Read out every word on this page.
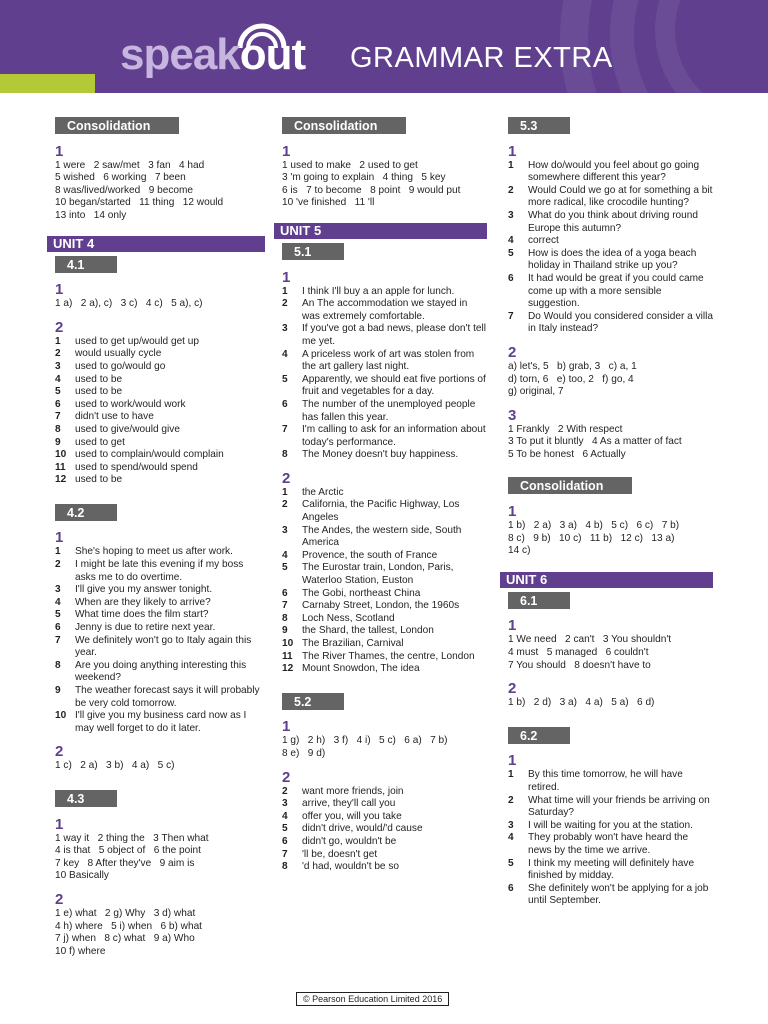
speakout GRAMMAR EXTRA
Consolidation
1
1 were   2 saw/met   3 fan   4 had
5 wished   6 working   7 been
8 was/lived/worked   9 become
10 began/started   11 thing   12 would
13 into   14 only
UNIT 4
4.1
1
1 a)   2 a), c)   3 c)   4 c)   5 a), c)
2
1	used to get up/would get up
2	would usually cycle
3	used to go/would go
4	used to be
5	used to be
6	used to work/would work
7	didn't use to have
8	used to give/would give
9	used to get
10 used to complain/would complain
11 used to spend/would spend
12 used to be
4.2
1
1	She's hoping to meet us after work.
2	I might be late this evening if my boss asks me to do overtime.
3	I'll give you my answer tonight.
4	When are they likely to arrive?
5	What time does the film start?
6	Jenny is due to retire next year.
7	We definitely won't go to Italy again this year.
8	Are you doing anything interesting this weekend?
9	The weather forecast says it will probably be very cold tomorrow.
10 I'll give you my business card now as I may well forget to do it later.
2
1 c)   2 a)   3 b)   4 a)   5 c)
4.3
1
1 way it   2 thing the   3 Then what
4 is that   5 object of   6 the point
7 key   8 After they've   9 aim is
10 Basically
2
1 e) what   2 g) Why   3 d) what
4 h) where   5 i) when   6 b) what
7 j) when   8 c) what   9 a) Who
10 f) where
Consolidation
1
1 used to make   2 used to get
3 'm going to explain   4 thing   5 key
6 is   7 to become   8 point   9 would put
10 've finished   11 'll
UNIT 5
5.1
1
1	I think I'll buy a an apple for lunch.
2	An The accommodation we stayed in was extremely comfortable.
3	If you've got a bad news, please don't tell me yet.
4	A priceless work of art was stolen from the art gallery last night.
5	Apparently, we should eat five portions of fruit and vegetables for a day.
6	The number of the unemployed people has fallen this year.
7	I'm calling to ask for an information about today's performance.
8	The Money doesn't buy happiness.
2
1	the Arctic
2	California, the Pacific Highway, Los Angeles
3	The Andes, the western side, South America
4	Provence, the south of France
5	The Eurostar train, London, Paris, Waterloo Station, Euston
6	The Gobi, northeast China
7	Carnaby Street, London, the 1960s
8	Loch Ness, Scotland
9	the Shard, the tallest, London
10 The Brazilian, Carnival
11 The River Thames, the centre, London
12 Mount Snowdon, The idea
5.2
1
1 g)   2 h)   3 f)   4 i)   5 c)   6 a)   7 b)
8 e)   9 d)
2
2	want more friends, join
3	arrive, they'll call you
4	offer you, will you take
5	didn't drive, would/'d cause
6	didn't go, wouldn't be
7	'll be, doesn't get
8	'd had, wouldn't be so
5.3
1
1	How do/would you feel about go going somewhere different this year?
2	Would Could we go at for something a bit more radical, like crocodile hunting?
3	What do you think about driving round Europe this autumn?
4	correct
5	How is does the idea of a yoga beach holiday in Thailand strike up you?
6	It had would be great if you could came come up with a more sensible suggestion.
7	Do Would you considered consider a villa in Italy instead?
2
a) let's, 5   b) grab, 3   c) a, 1
d) torn, 6   e) too, 2   f) go, 4
g) original, 7
3
1 Frankly   2 With respect
3 To put it bluntly   4 As a matter of fact
5 To be honest   6 Actually
Consolidation
1
1 b)   2 a)   3 a)   4 b)   5 c)   6 c)   7 b)
8 c)   9 b)   10 c)   11 b)   12 c)   13 a)
14 c)
UNIT 6
6.1
1
1 We need   2 can't   3 You shouldn't
4 must   5 managed   6 couldn't
7 You should   8 doesn't have to
2
1 b)   2 d)   3 a)   4 a)   5 a)   6 d)
6.2
1
1	By this time tomorrow, he will have retired.
2	What time will your friends be arriving on Saturday?
3	I will be waiting for you at the station.
4	They probably won't have heard the news by the time we arrive.
5	I think my meeting will definitely have finished by midday.
6	She definitely won't be applying for a job until September.
© Pearson Education Limited 2016
